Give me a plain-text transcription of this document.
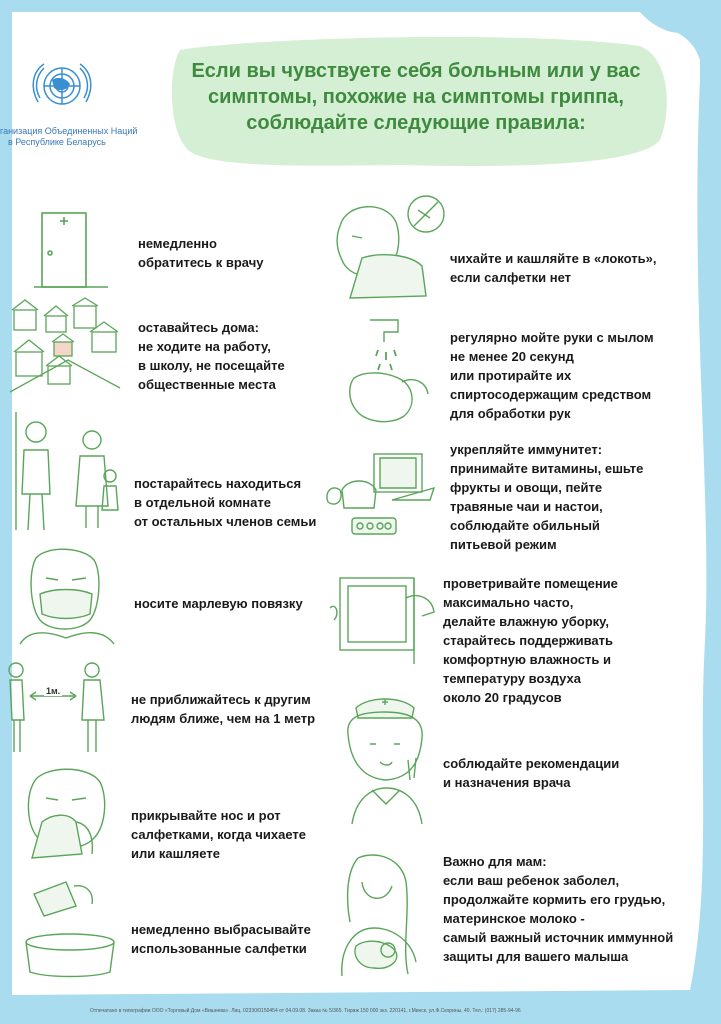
ганизация Объединенных Наций
в Республике Беларусь
Если вы чувствуете себя больным или у вас
симптомы, похожие на симптомы гриппа,
соблюдайте следующие правила:
немедленно
обратитесь к врачу
оставайтесь дома:
не ходите на работу,
в школу, не посещайте
общественные места
постарайтесь находиться
в отдельной комнате
от остальных членов семьи
носите марлевую повязку
1м.
не приближайтесь к другим
людям ближе, чем на 1 метр
прикрывайте нос и рот
салфетками, когда чихаете
или кашляете
немедленно выбрасывайте
использованные салфетки
чихайте и кашляйте в «локоть»,
если салфетки нет
регулярно мойте руки с мылом
не менее 20 секунд
или протирайте их
спиртосодержащим средством
для обработки рук
укрепляйте иммунитет:
принимайте витамины, ешьте
фрукты и овощи, пейте
травяные чаи и настои,
соблюдайте обильный
питьевой режим
проветривайте помещение
максимально часто,
делайте влажную уборку,
старайтесь поддерживать
комфортную влажность и
температуру воздуха
около 20 градусов
соблюдайте рекомендации
и назначения врача
Важно для мам:
если ваш ребенок заболел,
продолжайте кормить его грудью,
материнское молоко -
самый важный источник иммунной
защиты для вашего малыша
Отпечатано в типографии ООО «Торговый Дом «Вишнева». Лиц. 02330/0150454 от 04.09.08. Заказ № 5/365. Тираж 150 000 экз. 220141, г.Минск, ул.Ф.Скорины, 40. Тел.: (017) 285-94-96
